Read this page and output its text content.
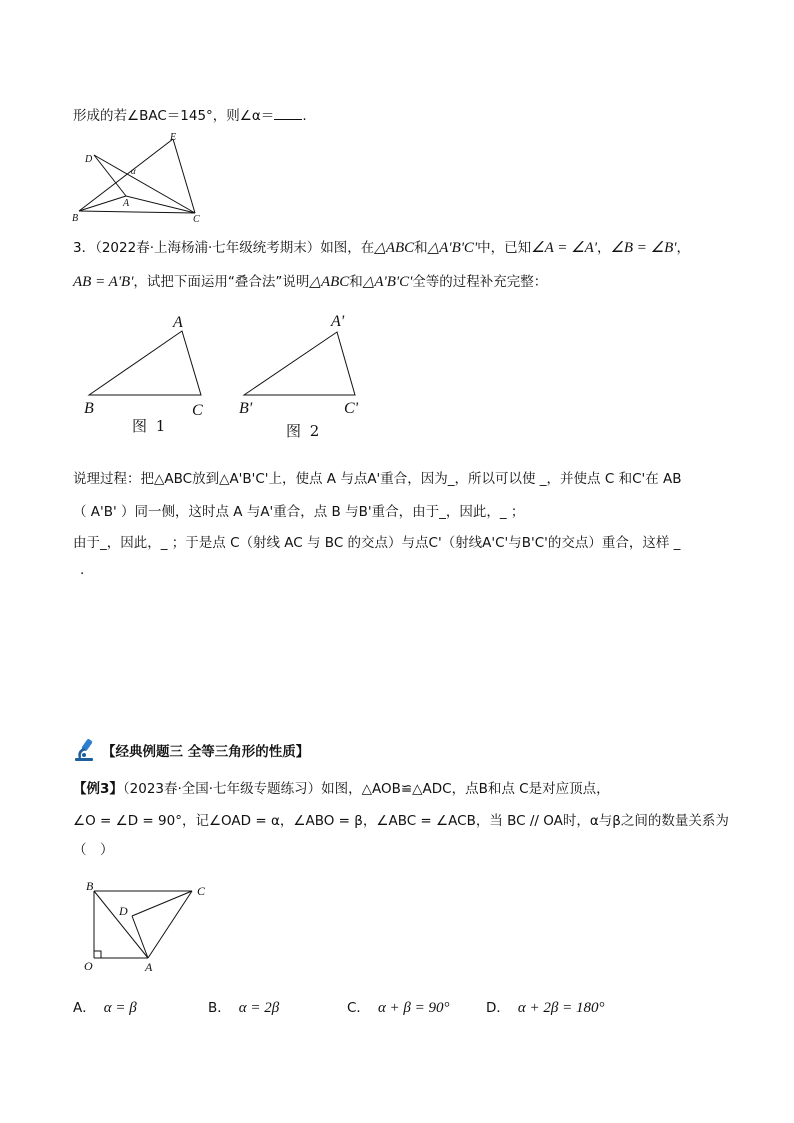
形成的若∠BAC＝145°，则∠α＝ .
D
E
B	C
A
α
3．（2022春·上海杨浦·七年级统考期末）如图，在△ABC和△A'B'C'中，已知∠A = ∠A'，∠B = ∠B'，
AB = A'B'，试把下面运用“叠合法”说明△ABC和△A'B'C'全等的过程补充完整：
A
B	C
图 1
A'
B'	C'
图 2
说理过程：把△ABC放到△A'B'C'上，使点 A 与点A'重合，因为_，所以可以使 _，并使点 C 和C'在 AB
（ A'B' ）同一侧，这时点 A 与A'重合，点 B 与B'重合，由于_，因此，_ ；
由于_，因此，_ ；于是点 C（射线 AC 与 BC 的交点）与点C'（射线A'C'与B'C'的交点）重合，这样 _
.
【经典例题三 全等三角形的性质】
【例3】（2023春·全国·七年级专题练习）如图，△AOB≌△ADC，点B和点 C是对应顶点，
∠O = ∠D = 90°，记∠OAD = α，∠ABO = β，∠ABC = ∠ACB，当 BC // OA时，α与β之间的数量关系为
（　）
B	C
D
O	A
A． α = β	B． α = 2β	C． α + β = 90°	D． α + 2β = 180°
